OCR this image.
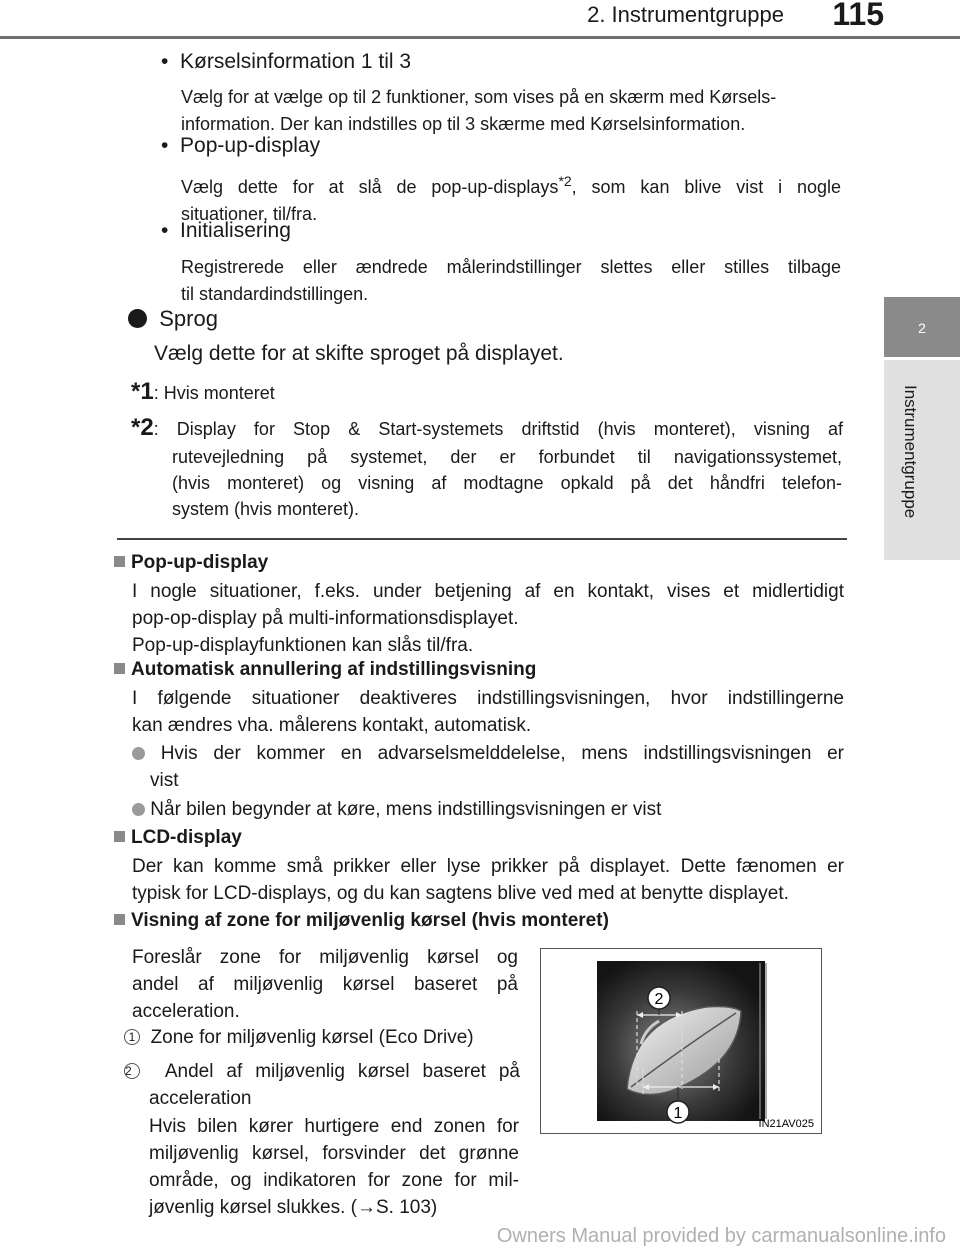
2. Instrumentgruppe 115
2
Instrumentgruppe
•  Kørselsinformation 1 til 3
Vælg for at vælge op til 2 funktioner, som vises på en skærm med Kørsels-
information. Der kan indstilles op til 3 skærme med Kørselsinformation.
•  Pop-up-display
Vælg dette for at slå de pop-up-displays$^{*2}$, som kan blive vist i nogle
situationer, til/fra.
•  Initialisering
Registrerede eller ændrede målerindstillinger slettes eller stilles tilbage
til standardindstillingen.
Sprog
Vælg dette for at skifte sproget på displayet.
*1: Hvis monteret
*2: Display for Stop & Start-systemets driftstid (hvis monteret), visning af
rutevejledning på systemet, der er forbundet til navigationssystemet,
(hvis monteret) og visning af modtagne opkald på det håndfri telefon-
system (hvis monteret).
Pop-up-display
I nogle situationer, f.eks. under betjening af en kontakt, vises et midlertidigt
pop-op-display på multi-informationsdisplayet.
Pop-up-displayfunktionen kan slås til/fra.
Automatisk annullering af indstillingsvisning
I følgende situationer deaktiveres indstillingsvisningen, hvor indstillingerne
kan ændres vha. målerens kontakt, automatisk.
Hvis der kommer en advarselsmelddelelse, mens indstillingsvisningen er
vist
Når bilen begynder at køre, mens indstillingsvisningen er vist
LCD-display
Der kan komme små prikker eller lyse prikker på displayet. Dette fænomen er
typisk for LCD-displays, og du kan sagtens blive ved med at benytte displayet.
Visning af zone for miljøvenlig kørsel (hvis monteret)
Foreslår zone for miljøvenlig kørsel og
andel af miljøvenlig kørsel baseret på
acceleration.
1 Zone for miljøvenlig kørsel (Eco Drive)
2 Andel af miljøvenlig kørsel baseret på
acceleration
Hvis bilen kører hurtigere end zonen for
miljøvenlig kørsel, forsvinder det grønne
område, og indikatoren for zone for mil-
jøvenlig kørsel slukkes. (→S. 103)
2
1
IN21AV025
Owners Manual provided by carmanualsonline.info
